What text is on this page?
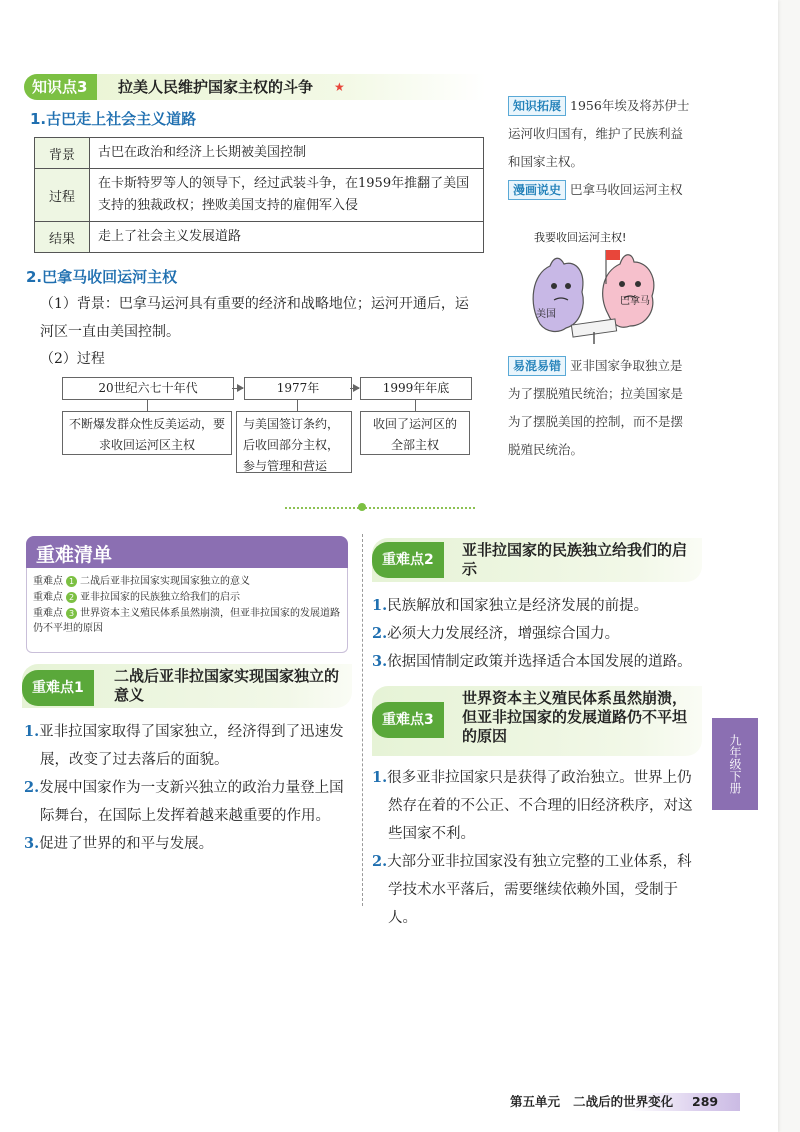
知识点3	拉美人民维护国家主权的斗争 ★
1.古巴走上社会主义道路
背景	古巴在政治和经济上长期被美国控制
过程	在卡斯特罗等人的领导下，经过武装斗争，在1959年推翻了美国支持的独裁政权；挫败美国支持的雇佣军入侵
结果	走上了社会主义发展道路
2.巴拿马收回运河主权
（1）背景：巴拿马运河具有重要的经济和战略地位；运河开通后，运河区一直由美国控制。
（2）过程
20世纪六七十年代	1977年	1999年年底
不断爆发群众性反美运动，要求收回运河区主权
与美国签订条约，后收回部分主权，参与管理和营运
收回了运河区的全部主权
知识拓展 1956年埃及将苏伊士运河收归国有，维护了民族利益和国家主权。
漫画说史 巴拿马收回运河主权
我要收回运河主权!
美国
巴拿马
易混易错 亚非国家争取独立是为了摆脱殖民统治；拉美国家是为了摆脱美国的控制，而不是摆脱殖民统治。
重难清单
重难点 1 二战后亚非拉国家实现国家独立的意义
重难点 2 亚非拉国家的民族独立给我们的启示
重难点 3 世界资本主义殖民体系虽然崩溃，但亚非拉国家的发展道路仍不平坦的原因
重难点1
二战后亚非拉国家实现国家独立的意义
1.亚非拉国家取得了国家独立，经济得到了迅速发展，改变了过去落后的面貌。
2.发展中国家作为一支新兴独立的政治力量登上国际舞台，在国际上发挥着越来越重要的作用。
3.促进了世界的和平与发展。
重难点2
亚非拉国家的民族独立给我们的启示
1.民族解放和国家独立是经济发展的前提。
2.必须大力发展经济，增强综合国力。
3.依据国情制定政策并选择适合本国发展的道路。
重难点3
世界资本主义殖民体系虽然崩溃，但亚非拉国家的发展道路仍不平坦的原因
1.很多亚非拉国家只是获得了政治独立。世界上仍然存在着的不公正、不合理的旧经济秩序，对这些国家不利。
2.大部分亚非拉国家没有独立完整的工业体系，科学技术水平落后，需要继续依赖外国，受制于人。
九年级下册
第五单元 二战后的世界变化 289
